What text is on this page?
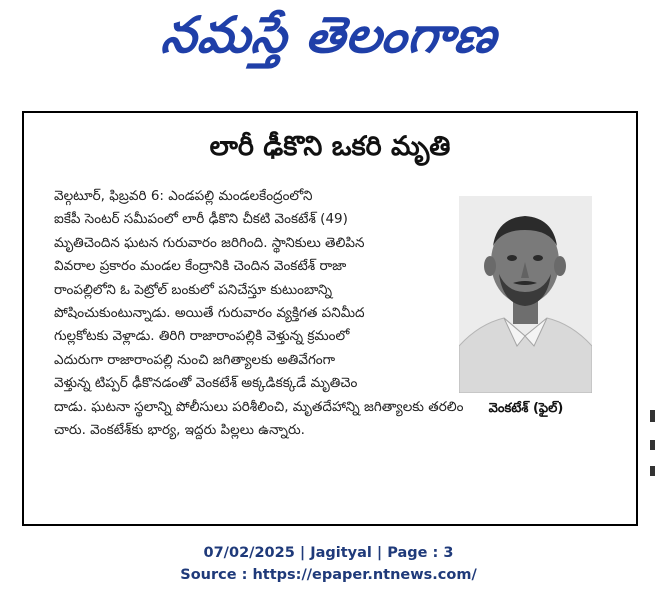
నమస్తే తెలంగాణ
లారీ ఢీకొని ఒకరి మృతి
వెల్గటూర్, ఫిబ్రవరి 6: ఎండపల్లి మండలకేంద్రంలోని
ఐకేపీ సెంటర్ సమీపంలో లారీ ఢీకొని చీకటి వెంకటేశ్ (49)
మృతిచెందిన ఘటన గురువారం జరిగింది. స్థానికులు తెలిపిన
వివరాల ప్రకారం మండల కేంద్రానికి చెందిన వెంకటేశ్ రాజా
రాంపల్లిలోని ఓ పెట్రోల్ బంకులో పనిచేస్తూ కుటుంబాన్ని
పోషించుకుంటున్నాడు. అయితే గురువారం వ్యక్తిగత పనిమీద
గుల్లకోటకు వెళ్లాడు. తిరిగి రాజారాంపల్లికి వెళ్తున్న క్రమంలో
ఎదురుగా రాజారాంపల్లి నుంచి జగిత్యాలకు అతివేగంగా
వెళ్తున్న టిప్పర్ ఢీకొనడంతో వెంకటేశ్ అక్కడికక్కడే మృతిచెం
దాడు. ఘటనా స్థలాన్ని పోలీసులు పరిశీలించి, మృతదేహాన్ని జగిత్యాలకు తరలిం
చారు. వెంకటేశ్‌కు భార్య, ఇద్దరు పిల్లలు ఉన్నారు.
వెంకటేశ్ (ఫైల్)
07/02/2025 | Jagityal | Page : 3
Source : https://epaper.ntnews.com/
